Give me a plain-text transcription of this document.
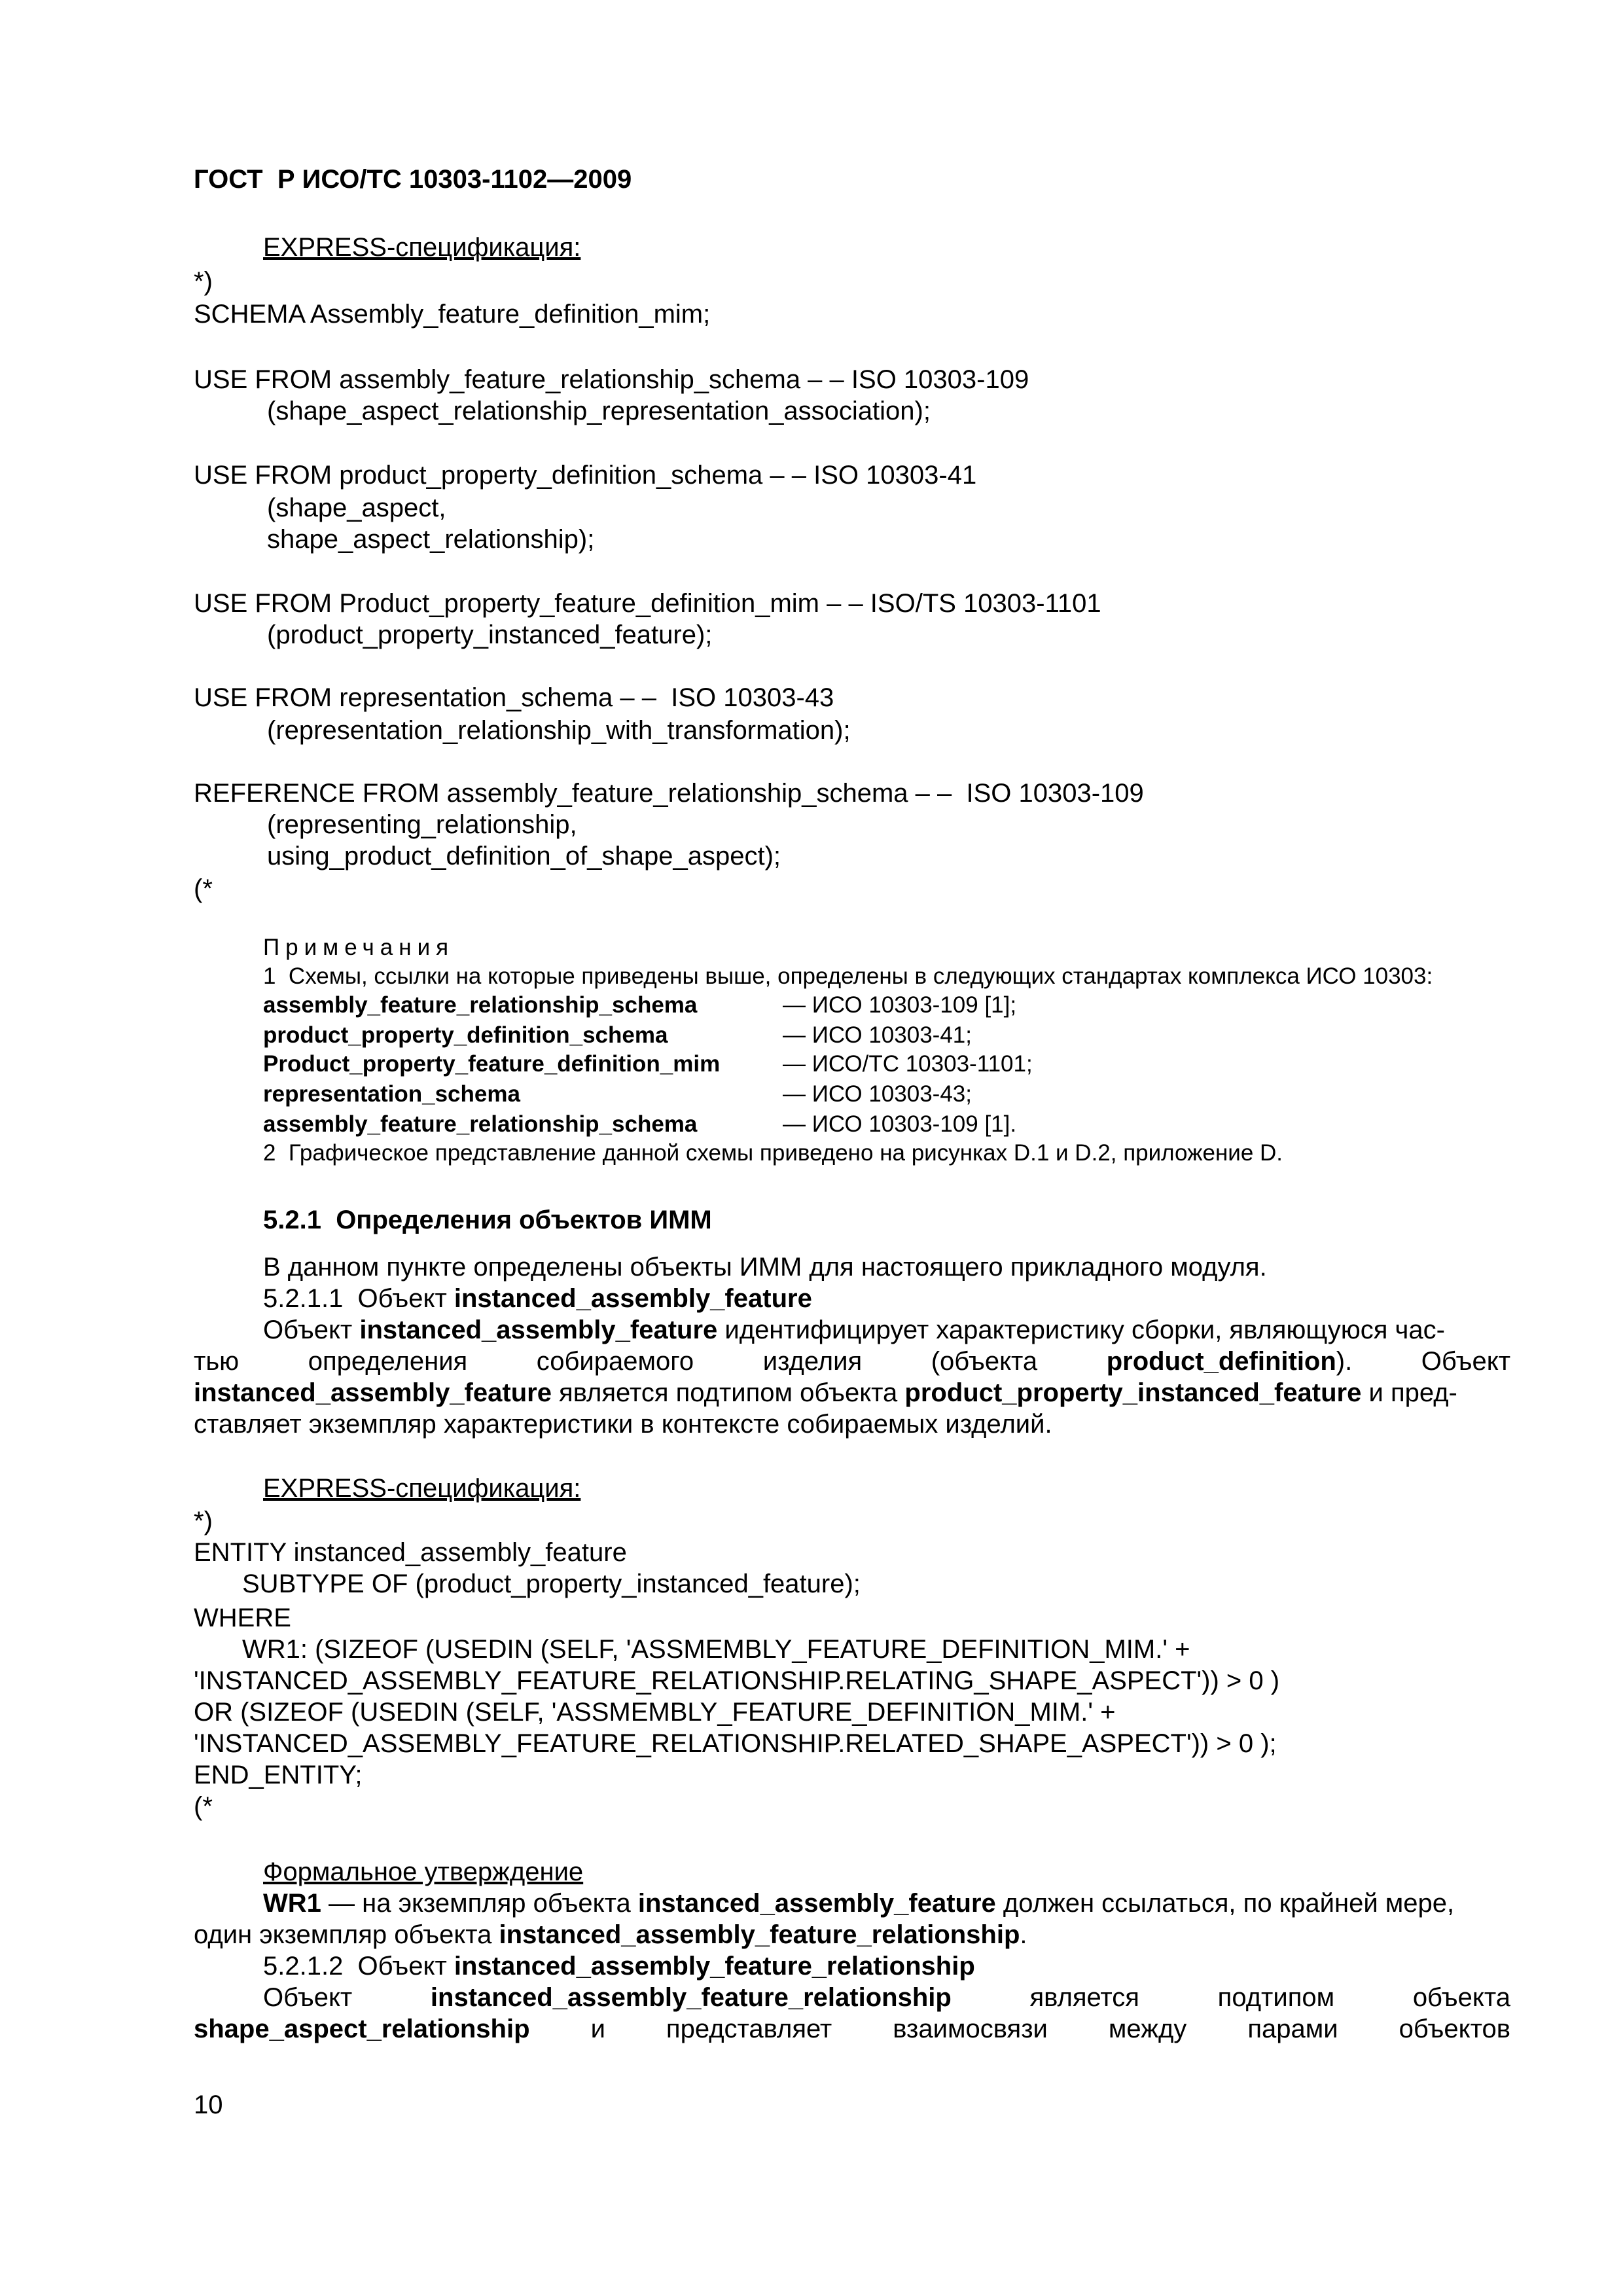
ГОСТ  Р ИСО/ТС 10303-1102—2009
EXPRESS-спецификация:
*)
SCHEMA Assembly_feature_definition_mim;
USE FROM assembly_feature_relationship_schema – – ISO 10303-109
(shape_aspect_relationship_representation_association);
USE FROM product_property_definition_schema – – ISO 10303-41
(shape_aspect,
shape_aspect_relationship);
USE FROM Product_property_feature_definition_mim – – ISO/TS 10303-1101
(product_property_instanced_feature);
USE FROM representation_schema – –  ISO 10303-43
(representation_relationship_with_transformation);
REFERENCE FROM assembly_feature_relationship_schema – –  ISO 10303-109
(representing_relationship,
using_product_definition_of_shape_aspect);
(*
Примечания
1  Схемы, ссылки на которые приведены выше, определены в следующих стандартах комплекса ИСО 10303:
assembly_feature_relationship_schema	— ИСО 10303-109 [1];
product_property_definition_schema	— ИСО 10303-41;
Product_property_feature_definition_mim	— ИСО/ТС 10303-1101;
representation_schema	— ИСО 10303-43;
assembly_feature_relationship_schema	— ИСО 10303-109 [1].
2  Графическое представление данной схемы приведено на рисунках D.1 и D.2, приложение D.
5.2.1  Определения объектов ИММ
В данном пункте определены объекты ИММ для настоящего прикладного модуля.
5.2.1.1  Объект instanced_assembly_feature
Объект instanced_assembly_feature идентифицирует характеристику сборки, являющуюся час-
тью	определения	собираемого	изделия	(объекта	product_definition).	Объект
instanced_assembly_feature является подтипом объекта product_property_instanced_feature и пред-
ставляет экземпляр характеристики в контексте собираемых изделий.
EXPRESS-спецификация:
*)
ENTITY instanced_assembly_feature
SUBTYPE OF (product_property_instanced_feature);
WHERE
WR1: (SIZEOF (USEDIN (SELF, 'ASSMEMBLY_FEATURE_DEFINITION_MIM.' +
'INSTANCED_ASSEMBLY_FEATURE_RELATIONSHIP.RELATING_SHAPE_ASPECT')) > 0 )
OR (SIZEOF (USEDIN (SELF, 'ASSMEMBLY_FEATURE_DEFINITION_MIM.' +
'INSTANCED_ASSEMBLY_FEATURE_RELATIONSHIP.RELATED_SHAPE_ASPECT')) > 0 );
END_ENTITY;
(*
Формальное утверждение
WR1 — на экземпляр объекта instanced_assembly_feature должен ссылаться, по крайней мере,
один экземпляр объекта instanced_assembly_feature_relationship.
5.2.1.2  Объект instanced_assembly_feature_relationship
Объект	instanced_assembly_feature_relationship	является	подтипом	объекта
shape_aspect_relationship и представляет взаимосвязи между парами объектов
10
